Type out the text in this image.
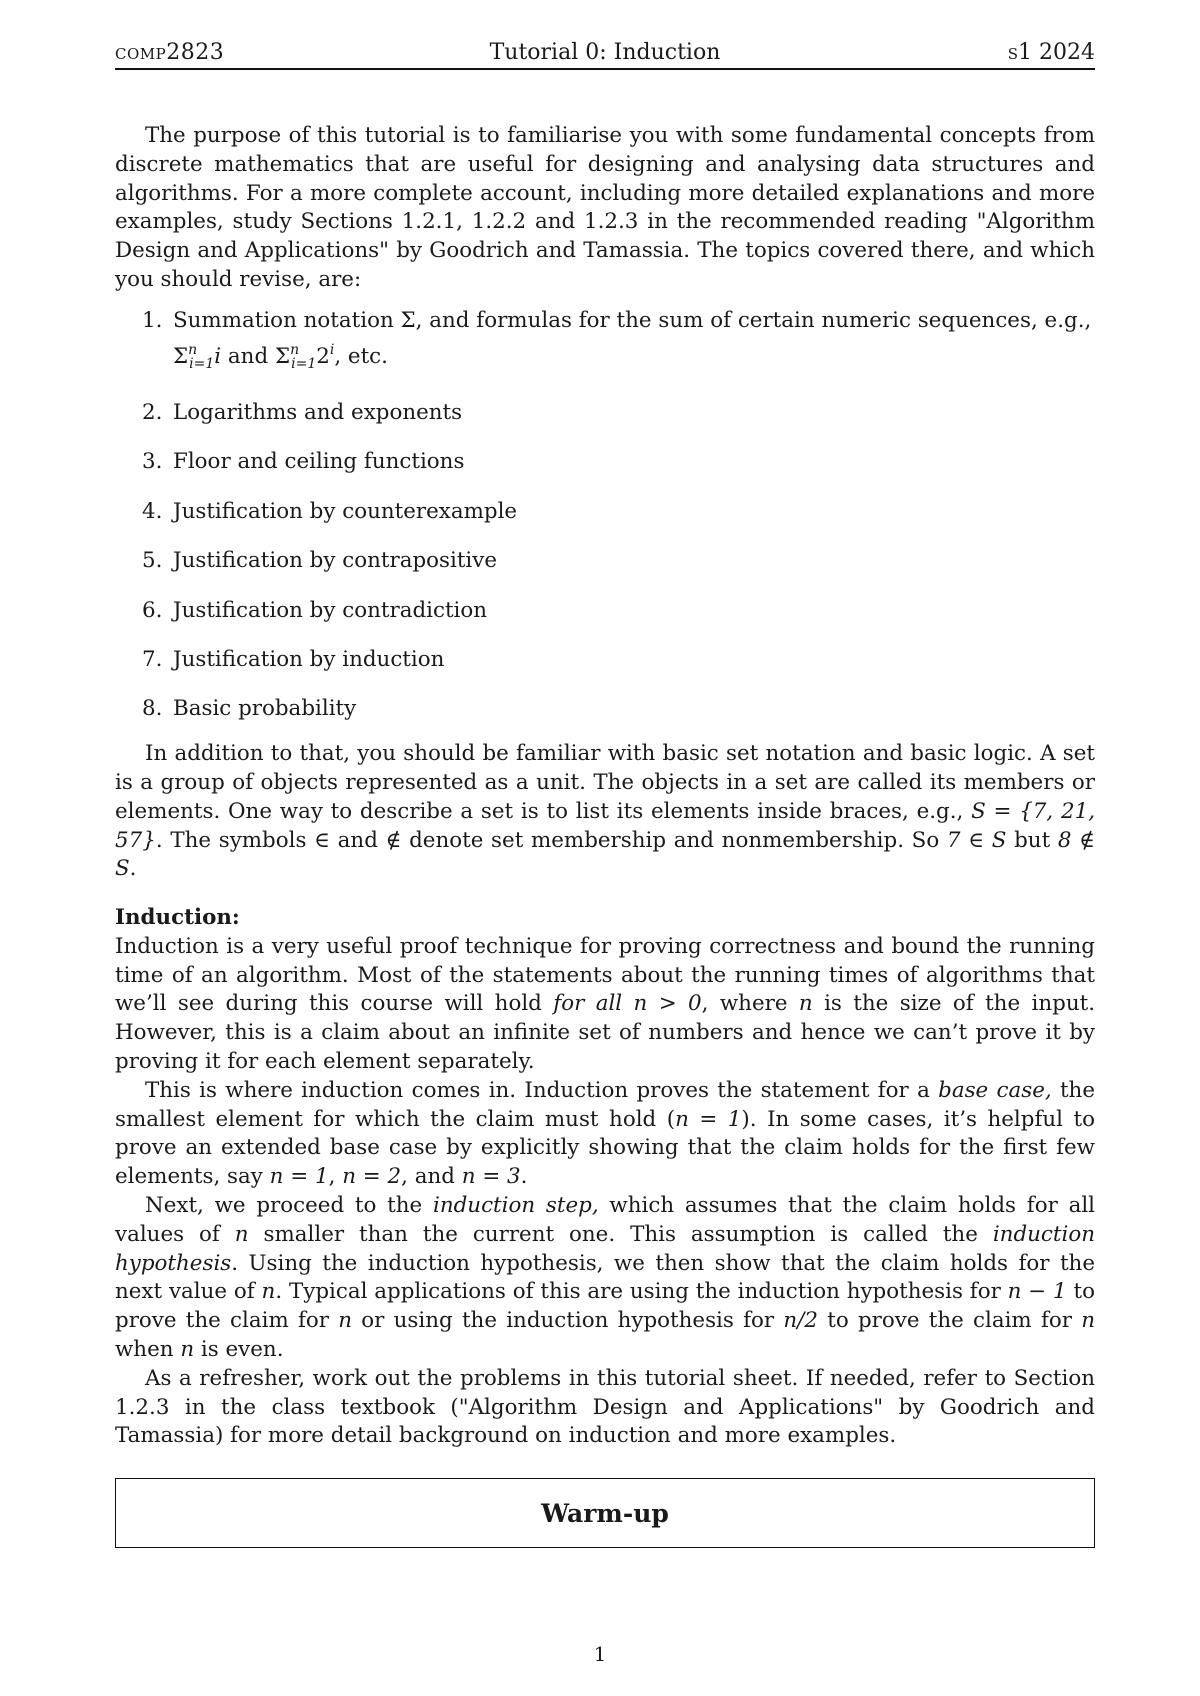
comp2823	Tutorial 0: Induction	s1 2024

The purpose of this tutorial is to familiarise you with some fundamental concepts from discrete mathematics that are useful for designing and analysing data structures and algorithms. For a more complete account, including more detailed explanations and more examples, study Sections 1.2.1, 1.2.2 and 1.2.3 in the recommended reading "Algorithm Design and Applications" by Goodrich and Tamassia. The topics covered there, and which you should revise, are:

1. Summation notation Σ, and formulas for the sum of certain numeric sequences, e.g.,
$\Sigma^n_{i=1}i$ and $\Sigma^n_{i=1}2^i$, etc.
2. Logarithms and exponents
3. Floor and ceiling functions
4. Justification by counterexample
5. Justification by contrapositive
6. Justification by contradiction
7. Justification by induction
8. Basic probability

In addition to that, you should be familiar with basic set notation and basic logic. A set is a group of objects represented as a unit. The objects in a set are called its members or elements. One way to describe a set is to list its elements inside braces, e.g., S = {7, 21, 57}. The symbols ∈ and ∉ denote set membership and nonmembership. So 7 ∈ S but 8 ∉ S.

Induction:

Induction is a very useful proof technique for proving correctness and bound the running time of an algorithm. Most of the statements about the running times of algorithms that we’ll see during this course will hold for all n > 0, where n is the size of the input. However, this is a claim about an infinite set of numbers and hence we can’t prove it by proving it for each element separately.

This is where induction comes in. Induction proves the statement for a base case, the smallest element for which the claim must hold (n = 1). In some cases, it’s helpful to prove an extended base case by explicitly showing that the claim holds for the first few elements, say n = 1, n = 2, and n = 3.

Next, we proceed to the induction step, which assumes that the claim holds for all values of n smaller than the current one. This assumption is called the induction hypothesis. Using the induction hypothesis, we then show that the claim holds for the next value of n. Typical applications of this are using the induction hypothesis for n − 1 to prove the claim for n or using the induction hypothesis for n/2 to prove the claim for n when n is even.

As a refresher, work out the problems in this tutorial sheet. If needed, refer to Section 1.2.3 in the class textbook ("Algorithm Design and Applications" by Goodrich and Tamassia) for more detail background on induction and more examples.

Warm-up
1
